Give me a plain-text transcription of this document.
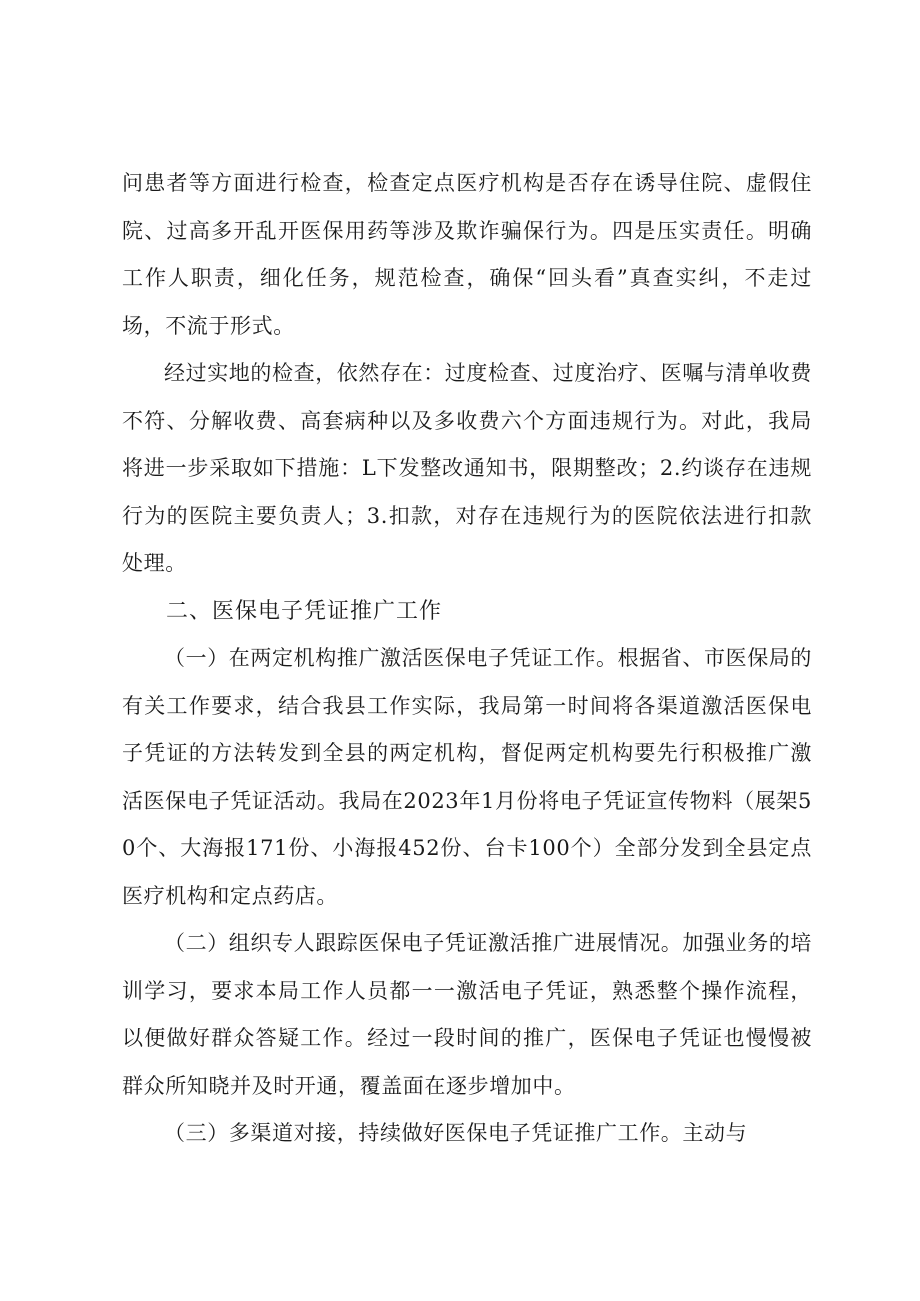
问患者等方面进行检查，检查定点医疗机构是否存在诱导住院、虚假住院、过高多开乱开医保用药等涉及欺诈骗保行为。四是压实责任。明确工作人职责，细化任务，规范检查，确保“回头看”真查实纠，不走过场，不流于形式。

经过实地的检查，依然存在：过度检查、过度治疗、医嘱与清单收费不符、分解收费、高套病种以及多收费六个方面违规行为。对此，我局将进一步采取如下措施：L下发整改通知书，限期整改；2.约谈存在违规行为的医院主要负责人；3.扣款，对存在违规行为的医院依法进行扣款处理。

二、医保电子凭证推广工作

（一）在两定机构推广激活医保电子凭证工作。根据省、市医保局的有关工作要求，结合我县工作实际，我局第一时间将各渠道激活医保电子凭证的方法转发到全县的两定机构，督促两定机构要先行积极推广激活医保电子凭证活动。我局在2023年1月份将电子凭证宣传物料（展架50个、大海报171份、小海报452份、台卡100个）全部分发到全县定点医疗机构和定点药店。

（二）组织专人跟踪医保电子凭证激活推广进展情况。加强业务的培训学习，要求本局工作人员都一一激活电子凭证，熟悉整个操作流程，以便做好群众答疑工作。经过一段时间的推广，医保电子凭证也慢慢被群众所知晓并及时开通，覆盖面在逐步增加中。

（三）多渠道对接，持续做好医保电子凭证推广工作。主动与
